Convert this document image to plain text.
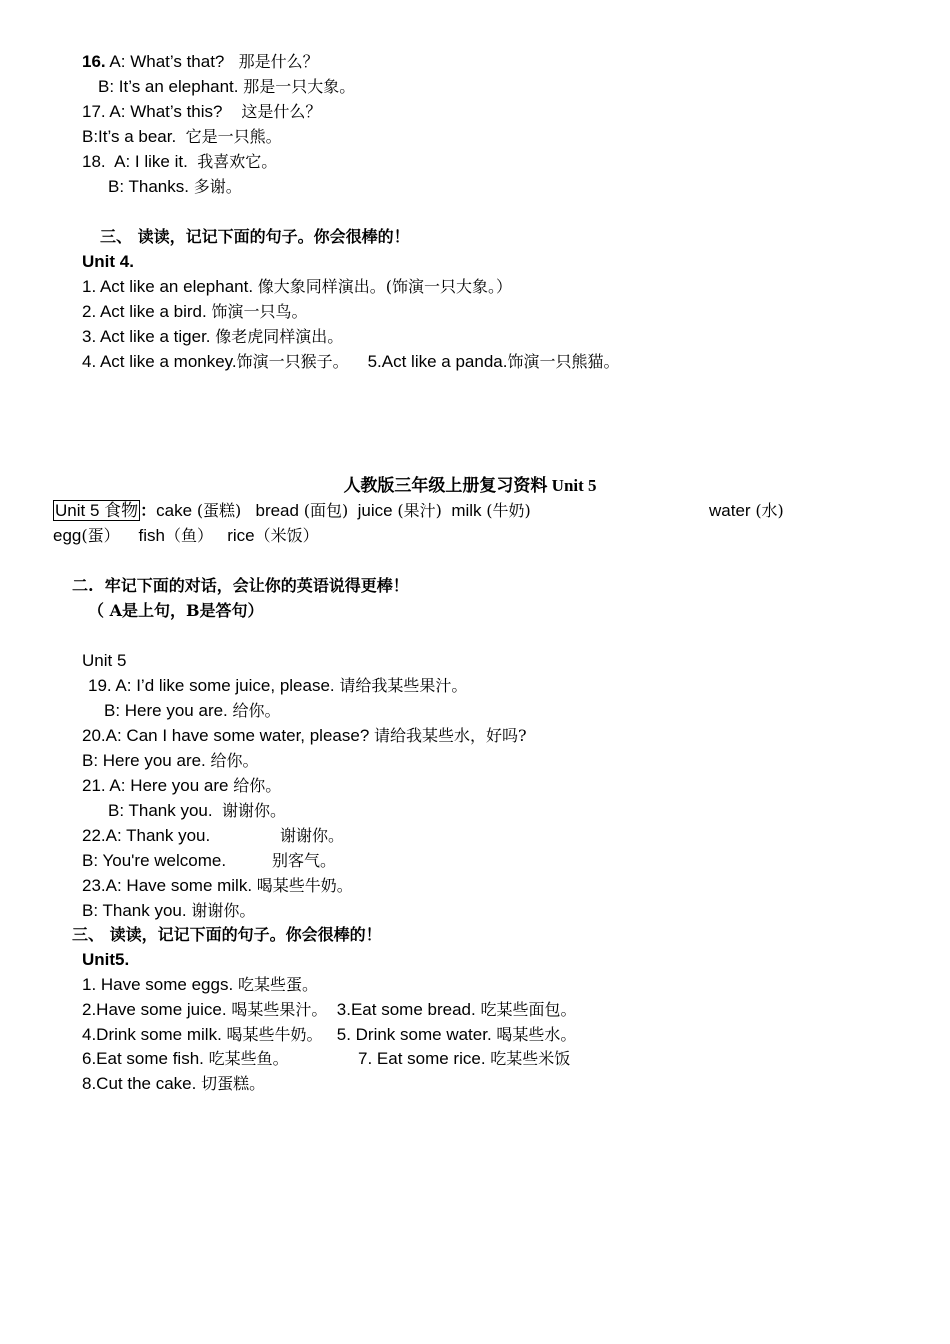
16. A: What’s that? 那是什么？
B: It’s an elephant. 那是一只大象。
17. A: What’s this? 这是什么？
B:It’s a bear. 它是一只熊。
18.  A: I like it. 我喜欢它。
B: Thanks. 多谢。
三、 读读，记记下面的句子。你会很棒的！
Unit 4.
1. Act like an elephant. 像大象同样演出。(饰演一只大象。）
2. Act like a bird. 饰演一只鸟。
3. Act like a tiger. 像老虎同样演出。
4. Act like a monkey.饰演一只猴子。 5.Act like a panda.饰演一只熊猫。
人教版三年级上册复习资料 Unit 5
Unit 5 食物 ：cake (蛋糕) bread (面包) juice (果汁) milk (牛奶)	water (水)
egg(蛋） fish（鱼） rice（米饭）
二.  牢记下面的对话，会让你的英语说得更棒！
（ A是上句，B是答句）
Unit 5
19. A: I’d like some juice, please. 请给我某些果汁。
B: Here you are. 给你。
20.A: Can I have some water, please? 请给我某些水，好吗?
B: Here you are. 给你。
21. A: Here you are 给你。
B: Thank you. 谢谢你。
22.A: Thank you.	谢谢你。
B: You're welcome.	别客气。
23.A: Have some milk. 喝某些牛奶。
B: Thank you. 谢谢你。
三、 读读，记记下面的句子。你会很棒的！
Unit5.
1. Have some eggs. 吃某些蛋。
2.Have some juice. 喝某些果汁。 3.Eat some bread. 吃某些面包。
4.Drink some milk. 喝某些牛奶。 5. Drink some water. 喝某些水。
6.Eat some fish. 吃某些鱼。	7. Eat some rice. 吃某些米饭
8.Cut the cake. 切蛋糕。
